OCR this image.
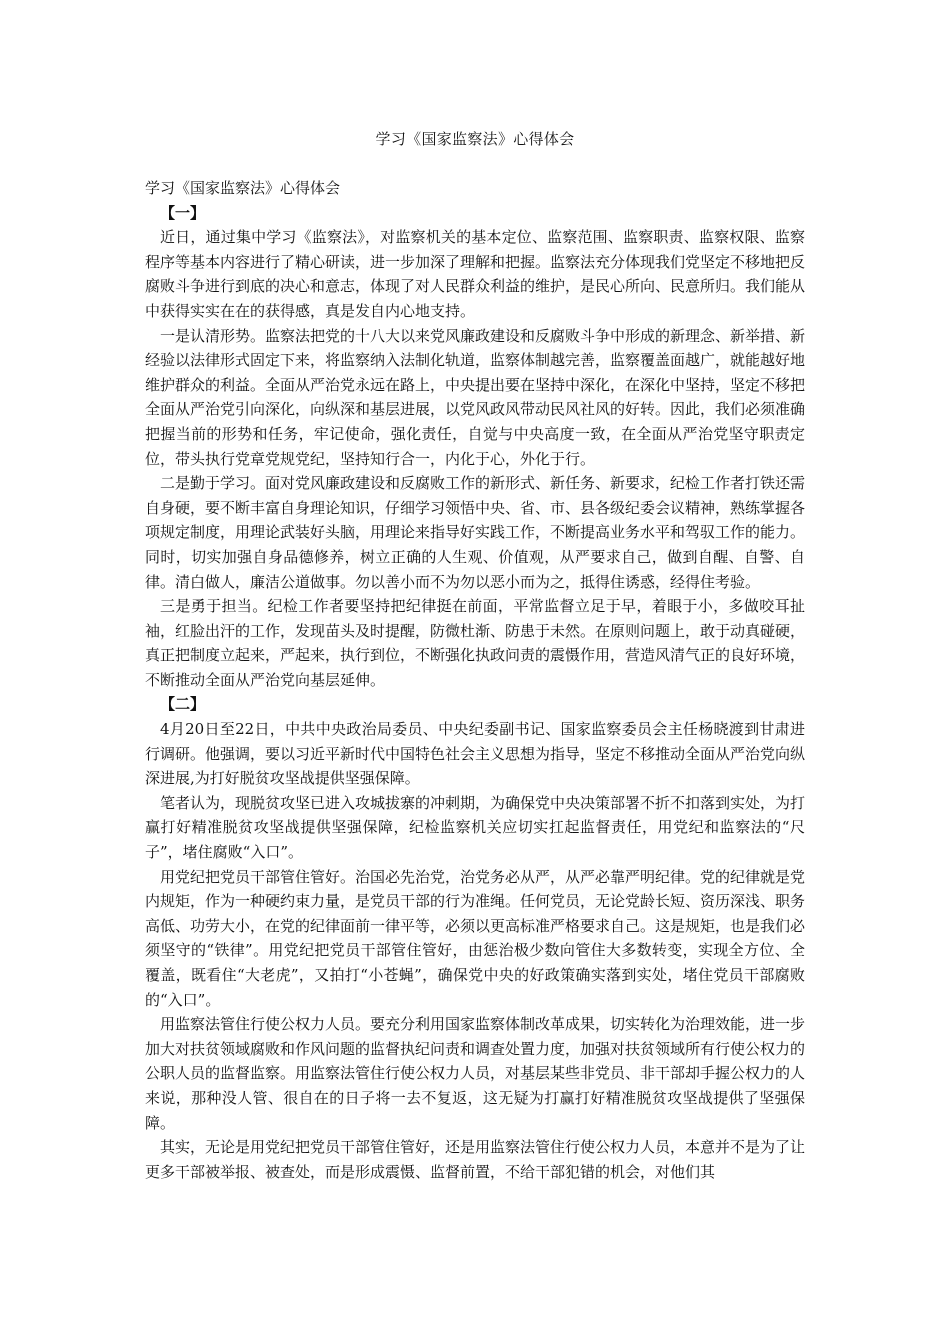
学习《国家监察法》心得体会

学习《国家监察法》心得体会

【一】

近日，通过集中学习《监察法》，对监察机关的基本定位、监察范围、监察职责、监察权限、监察程序等基本内容进行了精心研读，进一步加深了理解和把握。监察法充分体现我们党坚定不移地把反腐败斗争进行到底的决心和意志，体现了对人民群众利益的维护，是民心所向、民意所归。我们能从中获得实实在在的获得感，真是发自内心地支持。

一是认清形势。监察法把党的十八大以来党风廉政建设和反腐败斗争中形成的新理念、新举措、新经验以法律形式固定下来，将监察纳入法制化轨道，监察体制越完善，监察覆盖面越广，就能越好地维护群众的利益。全面从严治党永远在路上，中央提出要在坚持中深化，在深化中坚持，坚定不移把全面从严治党引向深化，向纵深和基层进展，以党风政风带动民风社风的好转。因此，我们必须准确把握当前的形势和任务，牢记使命，强化责任，自觉与中央高度一致，在全面从严治党坚守职责定位，带头执行党章党规党纪，坚持知行合一，内化于心，外化于行。

二是勤于学习。面对党风廉政建设和反腐败工作的新形式、新任务、新要求，纪检工作者打铁还需自身硬，要不断丰富自身理论知识，仔细学习领悟中央、省、市、县各级纪委会议精神，熟练掌握各项规定制度，用理论武装好头脑，用理论来指导好实践工作，不断提高业务水平和驾驭工作的能力。同时，切实加强自身品德修养，树立正确的人生观、价值观，从严要求自己，做到自醒、自警、自律。清白做人，廉洁公道做事。勿以善小而不为勿以恶小而为之，抵得住诱惑，经得住考验。

三是勇于担当。纪检工作者要坚持把纪律挺在前面，平常监督立足于早，着眼于小，多做咬耳扯袖，红脸出汗的工作，发现苗头及时提醒，防微杜渐、防患于未然。在原则问题上，敢于动真碰硬，真正把制度立起来，严起来，执行到位，不断强化执政问责的震慑作用，营造风清气正的良好环境，不断推动全面从严治党向基层延伸。

【二】

4月20日至22日，中共中央政治局委员、中央纪委副书记、国家监察委员会主任杨晓渡到甘肃进行调研。他强调，要以习近平新时代中国特色社会主义思想为指导，坚定不移推动全面从严治党向纵深进展,为打好脱贫攻坚战提供坚强保障。

笔者认为，现脱贫攻坚已进入攻城拔寨的冲刺期，为确保党中央决策部署不折不扣落到实处，为打赢打好精准脱贫攻坚战提供坚强保障，纪检监察机关应切实扛起监督责任，用党纪和监察法的“尺子”，堵住腐败“入口”。

用党纪把党员干部管住管好。治国必先治党，治党务必从严，从严必靠严明纪律。党的纪律就是党内规矩，作为一种硬约束力量，是党员干部的行为准绳。任何党员，无论党龄长短、资历深浅、职务高低、功劳大小，在党的纪律面前一律平等，必须以更高标准严格要求自己。这是规矩，也是我们必须坚守的“铁律”。用党纪把党员干部管住管好，由惩治极少数向管住大多数转变，实现全方位、全覆盖，既看住“大老虎”，又拍打“小苍蝇”，确保党中央的好政策确实落到实处，堵住党员干部腐败的“入口”。

用监察法管住行使公权力人员。要充分利用国家监察体制改革成果，切实转化为治理效能，进一步加大对扶贫领域腐败和作风问题的监督执纪问责和调查处置力度，加强对扶贫领域所有行使公权力的公职人员的监督监察。用监察法管住行使公权力人员，对基层某些非党员、非干部却手握公权力的人来说，那种没人管、很自在的日子将一去不复返，这无疑为打赢打好精准脱贫攻坚战提供了坚强保障。

其实，无论是用党纪把党员干部管住管好，还是用监察法管住行使公权力人员，本意并不是为了让更多干部被举报、被查处，而是形成震慑、监督前置，不给干部犯错的机会，对他们其
